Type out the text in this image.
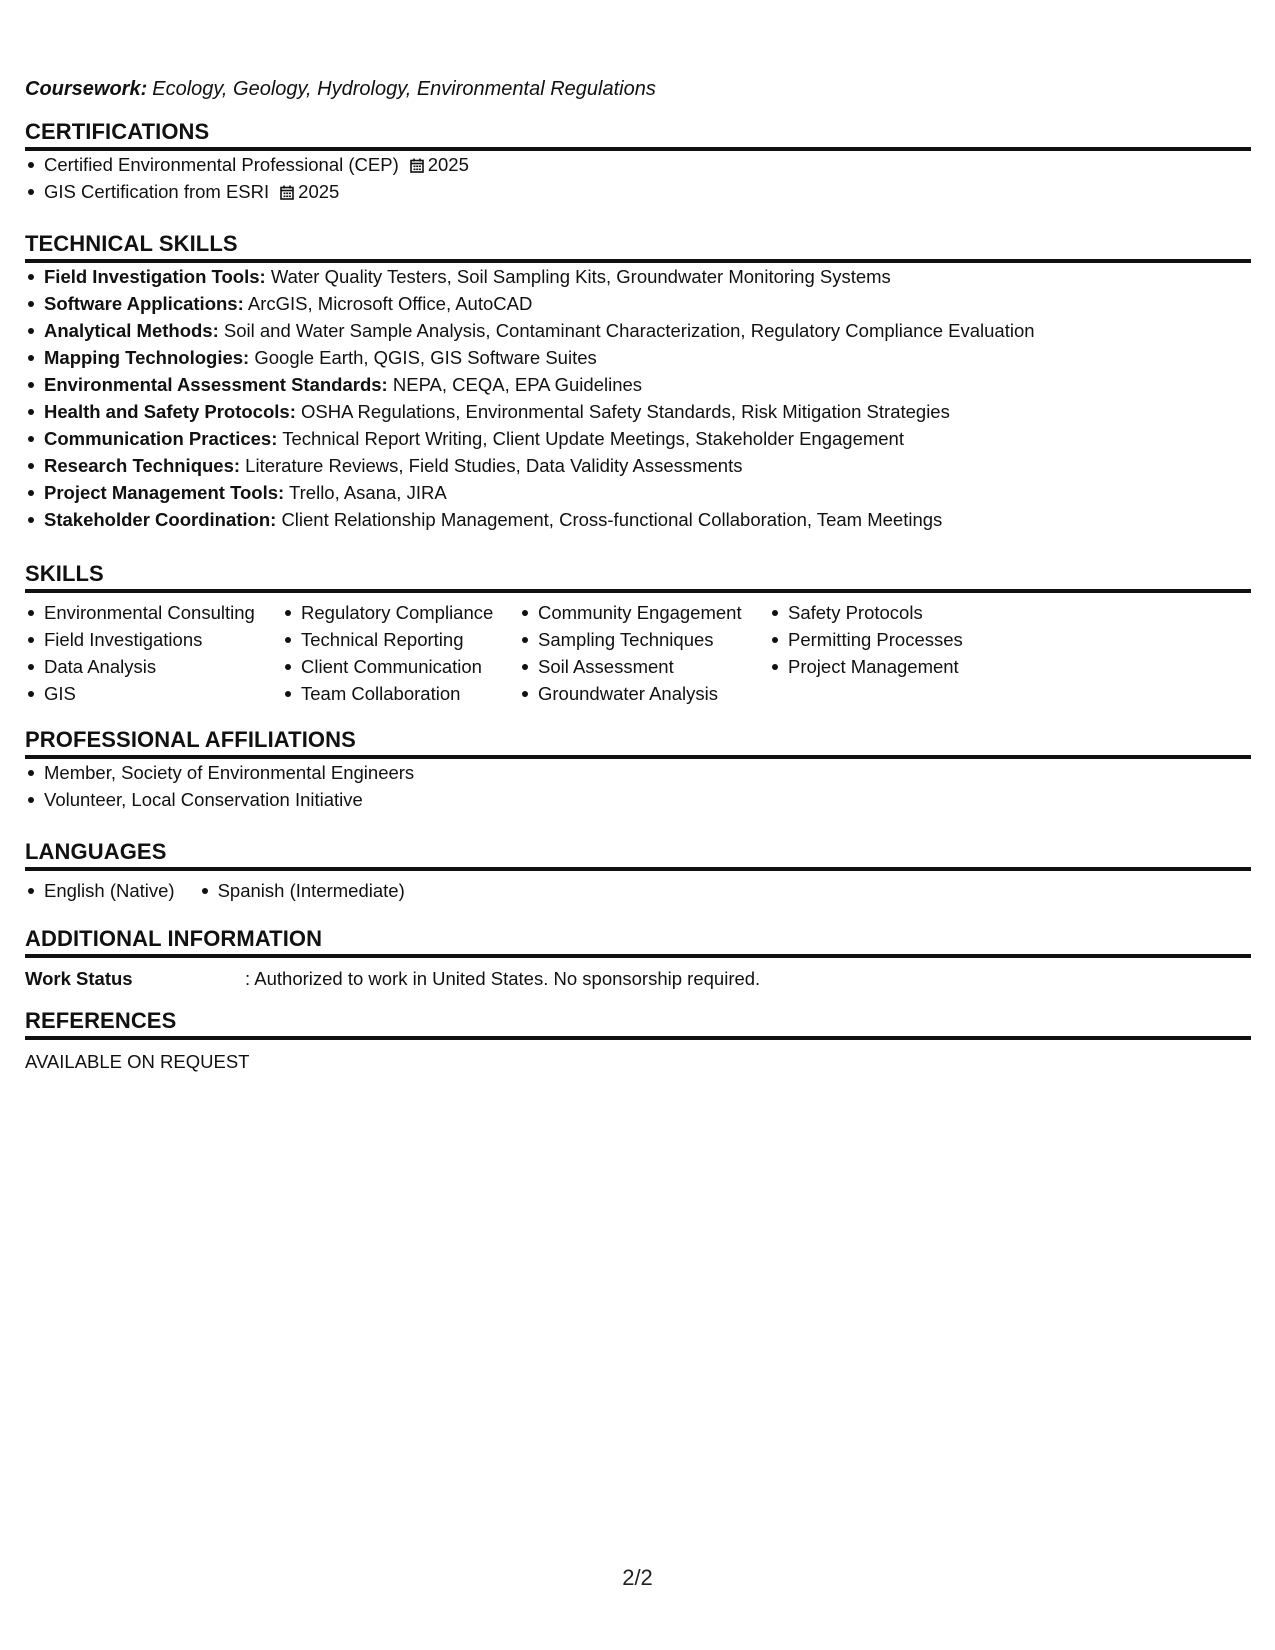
Coursework: Ecology, Geology, Hydrology, Environmental Regulations
CERTIFICATIONS
Certified Environmental Professional (CEP) 2025
GIS Certification from ESRI 2025
TECHNICAL SKILLS
Field Investigation Tools: Water Quality Testers, Soil Sampling Kits, Groundwater Monitoring Systems
Software Applications: ArcGIS, Microsoft Office, AutoCAD
Analytical Methods: Soil and Water Sample Analysis, Contaminant Characterization, Regulatory Compliance Evaluation
Mapping Technologies: Google Earth, QGIS, GIS Software Suites
Environmental Assessment Standards: NEPA, CEQA, EPA Guidelines
Health and Safety Protocols: OSHA Regulations, Environmental Safety Standards, Risk Mitigation Strategies
Communication Practices: Technical Report Writing, Client Update Meetings, Stakeholder Engagement
Research Techniques: Literature Reviews, Field Studies, Data Validity Assessments
Project Management Tools: Trello, Asana, JIRA
Stakeholder Coordination: Client Relationship Management, Cross-functional Collaboration, Team Meetings
SKILLS
Environmental Consulting
Field Investigations
Data Analysis
GIS
Regulatory Compliance
Technical Reporting
Client Communication
Team Collaboration
Community Engagement
Sampling Techniques
Soil Assessment
Groundwater Analysis
Safety Protocols
Permitting Processes
Project Management
PROFESSIONAL AFFILIATIONS
Member, Society of Environmental Engineers
Volunteer, Local Conservation Initiative
LANGUAGES
English (Native)	Spanish (Intermediate)
ADDITIONAL INFORMATION
Work Status	: Authorized to work in United States. No sponsorship required.
REFERENCES
AVAILABLE ON REQUEST
2/2
